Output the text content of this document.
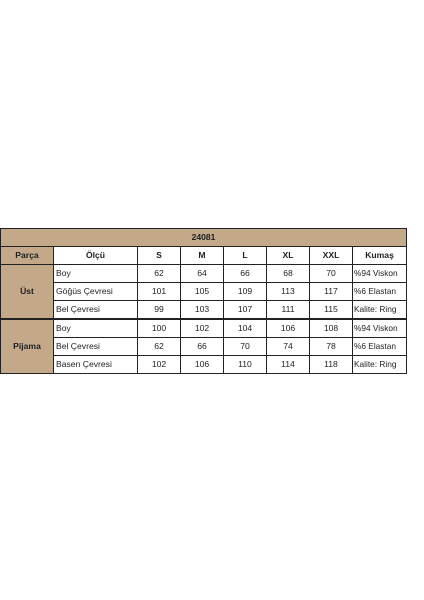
24081							
Parça	Ölçü	S	M	L	XL	XXL	Kumaş
Üst	Boy	62	64	66	68	70	%94 Viskon
	Göğüs Çevresi	101	105	109	113	117	%6 Elastan
	Bel Çevresi	99	103	107	111	115	Kalite: Ring
Pijama	Boy	100	102	104	106	108	%94 Viskon
	Bel Çevresi	62	66	70	74	78	%6 Elastan
	Basen Çevresi	102	106	110	114	118	Kalite: Ring
